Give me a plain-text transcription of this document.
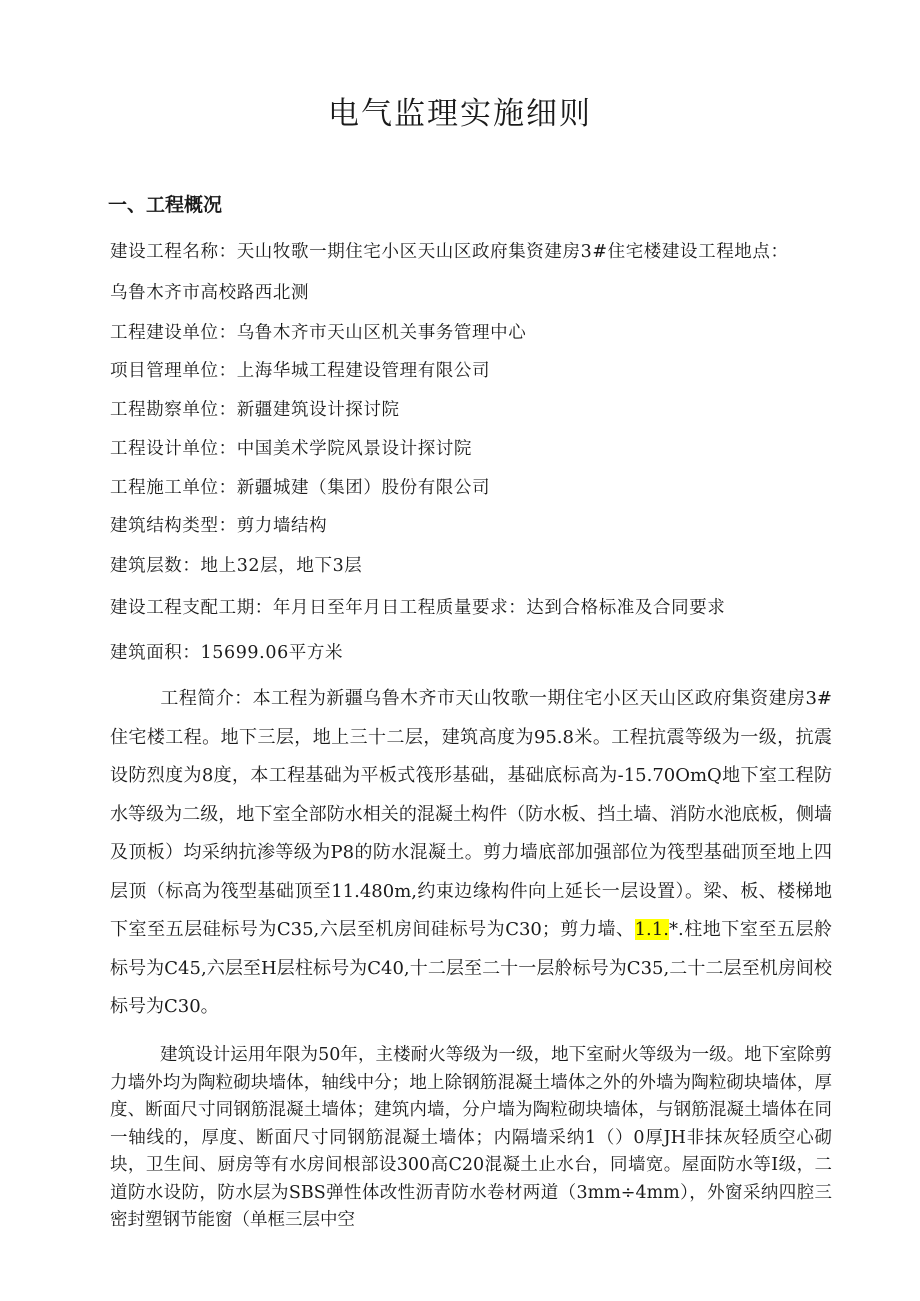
电气监理实施细则
一、工程概况

建设工程名称：天山牧歌一期住宅小区天山区政府集资建房3#住宅楼建设工程地点：

乌鲁木齐市高校路西北测

工程建设单位：乌鲁木齐市天山区机关事务管理中心

项目管理单位：上海华城工程建设管理有限公司

工程勘察单位：新疆建筑设计探讨院

工程设计单位：中国美术学院风景设计探讨院

工程施工单位：新疆城建（集团）股份有限公司

建筑结构类型：剪力墙结构

建筑层数：地上32层，地下3层

建设工程支配工期：年月日至年月日工程质量要求：达到合格标准及合同要求

建筑面积：15699.06平方米

工程简介：本工程为新疆乌鲁木齐市天山牧歌一期住宅小区天山区政府集资建房3#住宅楼工程。地下三层，地上三十二层，建筑高度为95.8米。工程抗震等级为一级，抗震设防烈度为8度，本工程基础为平板式筏形基础，基础底标高为-15.70OmQ地下室工程防水等级为二级，地下室全部防水相关的混凝土构件（防水板、挡土墙、消防水池底板，侧墙及顶板）均采纳抗渗等级为P8的防水混凝土。剪力墙底部加强部位为筏型基础顶至地上四层顶（标高为筏型基础顶至11.480m,约束边缘构件向上延长一层设置）。梁、板、楼梯地下室至五层硅标号为C35,六层至机房间硅标号为C30；剪力墙、1.1.*.柱地下室至五层舲标号为C45,六层至H层柱标号为C40,十二层至二十一层舲标号为C35,二十二层至机房间校标号为C30。

建筑设计运用年限为50年，主楼耐火等级为一级，地下室耐火等级为一级。地下室除剪力墙外均为陶粒砌块墙体，轴线中分；地上除钢筋混凝土墙体之外的外墙为陶粒砌块墙体，厚度、断面尺寸同钢筋混凝土墙体；建筑内墙，分户墙为陶粒砌块墙体，与钢筋混凝土墙体在同一轴线的，厚度、断面尺寸同钢筋混凝土墙体；内隔墙采纳1（）0厚JH非抹灰轻质空心砌块，卫生间、厨房等有水房间根部设300高C20混凝土止水台，同墙宽。屋面防水等I级，二道防水设防，防水层为SBS弹性体改性沥青防水卷材两道（3mm÷4mm），外窗采纳四腔三密封塑钢节能窗（单框三层中空
